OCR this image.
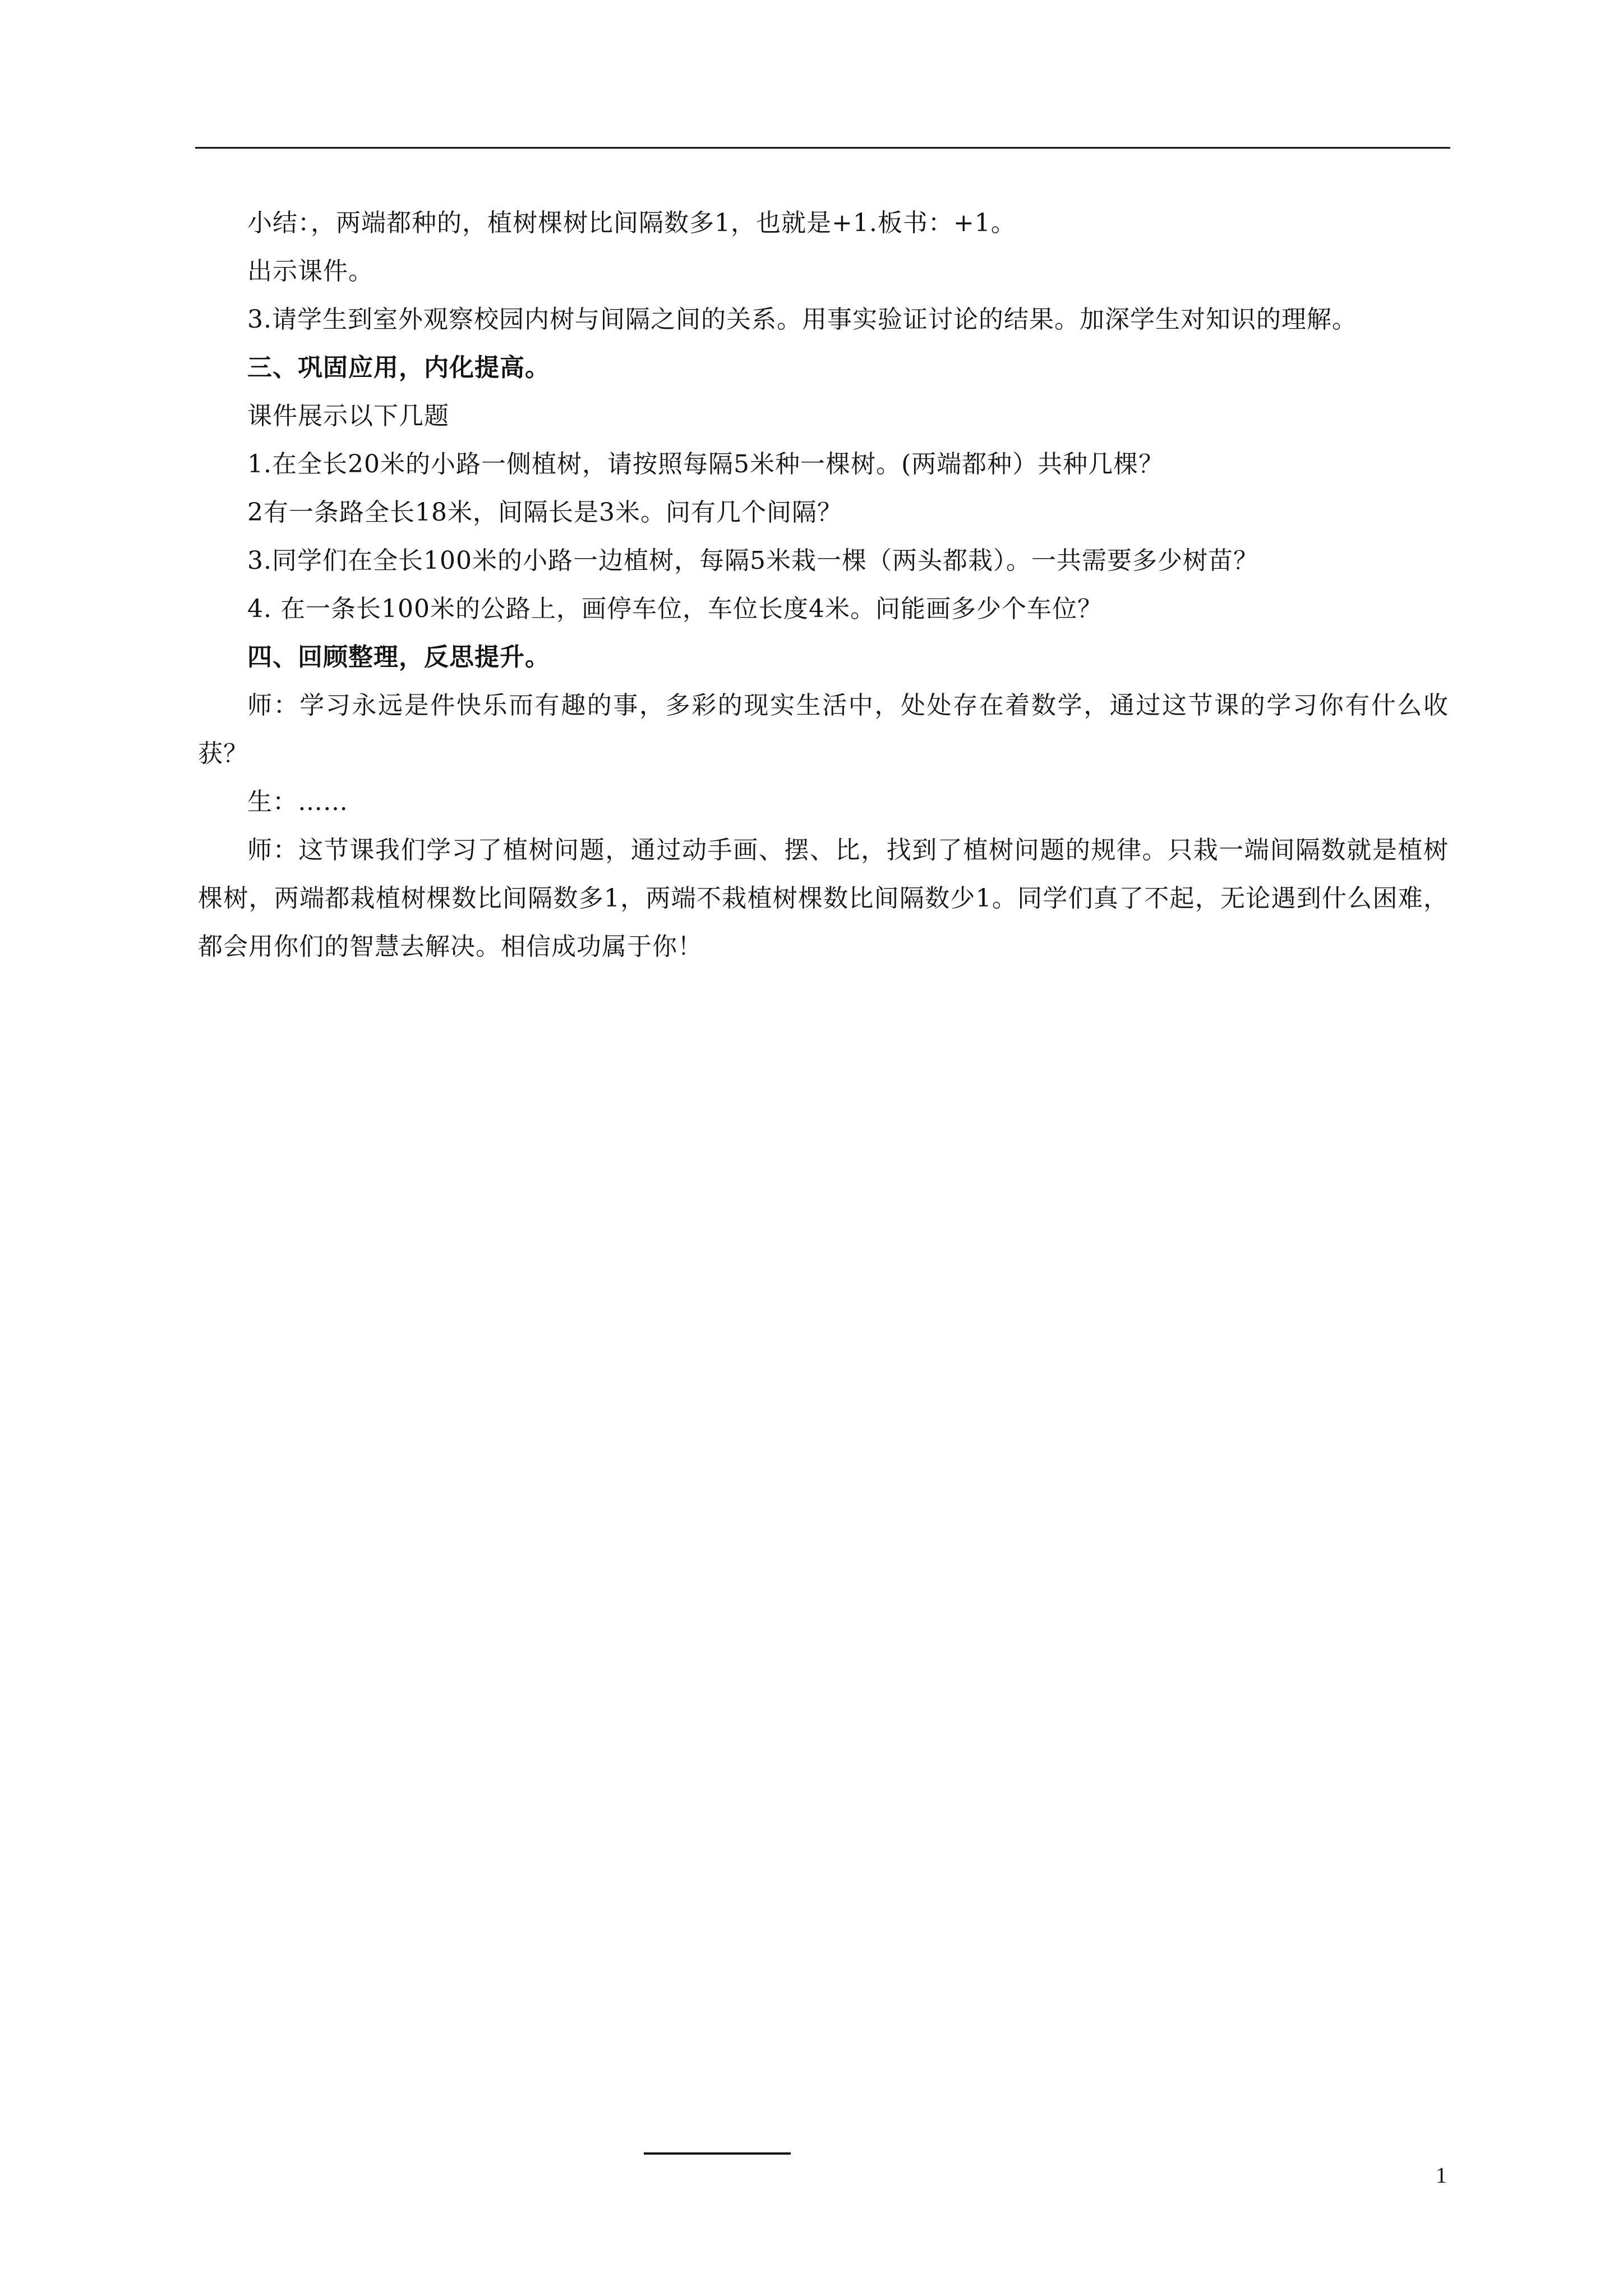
小结：，两端都种的，植树棵树比间隔数多1，也就是+1.板书：+1。

出示课件。

3.请学生到室外观察校园内树与间隔之间的关系。用事实验证讨论的结果。加深学生对知识的理解。

三、巩固应用，内化提高。

课件展示以下几题

1.在全长20米的小路一侧植树，请按照每隔5米种一棵树。(两端都种）共种几棵？

2有一条路全长18米，间隔长是3米。问有几个间隔？

3.同学们在全长100米的小路一边植树，每隔5米栽一棵（两头都栽）。一共需要多少树苗？

4. 在一条长100米的公路上，画停车位，车位长度4米。问能画多少个车位？

四、回顾整理，反思提升。

师：学习永远是件快乐而有趣的事，多彩的现实生活中，处处存在着数学，通过这节课的学习你有什么收获？

生：……

师：这节课我们学习了植树问题，通过动手画、摆、比，找到了植树问题的规律。只栽一端间隔数就是植树棵树，两端都栽植树棵数比间隔数多1，两端不栽植树棵数比间隔数少1。同学们真了不起，无论遇到什么困难，都会用你们的智慧去解决。相信成功属于你！

1
